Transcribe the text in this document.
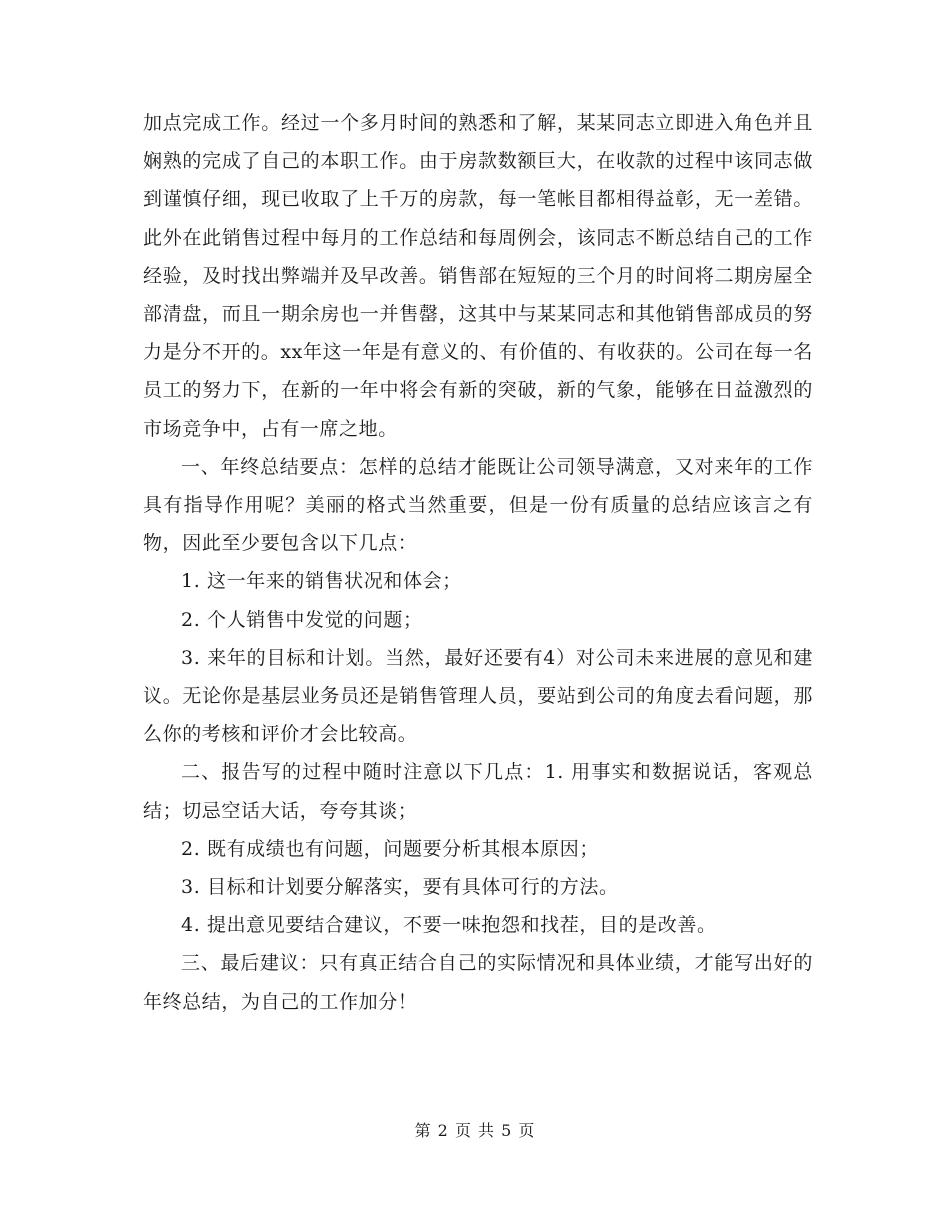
加点完成工作。经过一个多月时间的熟悉和了解，某某同志立即进入角色并且娴熟的完成了自己的本职工作。由于房款数额巨大，在收款的过程中该同志做到谨慎仔细，现已收取了上千万的房款，每一笔帐目都相得益彰，无一差错。此外在此销售过程中每月的工作总结和每周例会，该同志不断总结自己的工作经验，及时找出弊端并及早改善。销售部在短短的三个月的时间将二期房屋全部清盘，而且一期余房也一并售罄，这其中与某某同志和其他销售部成员的努力是分不开的。xx年这一年是有意义的、有价值的、有收获的。公司在每一名员工的努力下，在新的一年中将会有新的突破，新的气象，能够在日益激烈的市场竞争中，占有一席之地。

一、年终总结要点：怎样的总结才能既让公司领导满意，又对来年的工作具有指导作用呢？美丽的格式当然重要，但是一份有质量的总结应该言之有物，因此至少要包含以下几点：

1. 这一年来的销售状况和体会；

2. 个人销售中发觉的问题；

3. 来年的目标和计划。当然，最好还要有4）对公司未来进展的意见和建议。无论你是基层业务员还是销售管理人员，要站到公司的角度去看问题，那么你的考核和评价才会比较高。

二、报告写的过程中随时注意以下几点：1. 用事实和数据说话，客观总结；切忌空话大话，夸夸其谈；

2. 既有成绩也有问题，问题要分析其根本原因；

3. 目标和计划要分解落实，要有具体可行的方法。

4. 提出意见要结合建议，不要一味抱怨和找茬，目的是改善。

三、最后建议：只有真正结合自己的实际情况和具体业绩，才能写出好的年终总结，为自己的工作加分！

第 2 页 共 5 页
